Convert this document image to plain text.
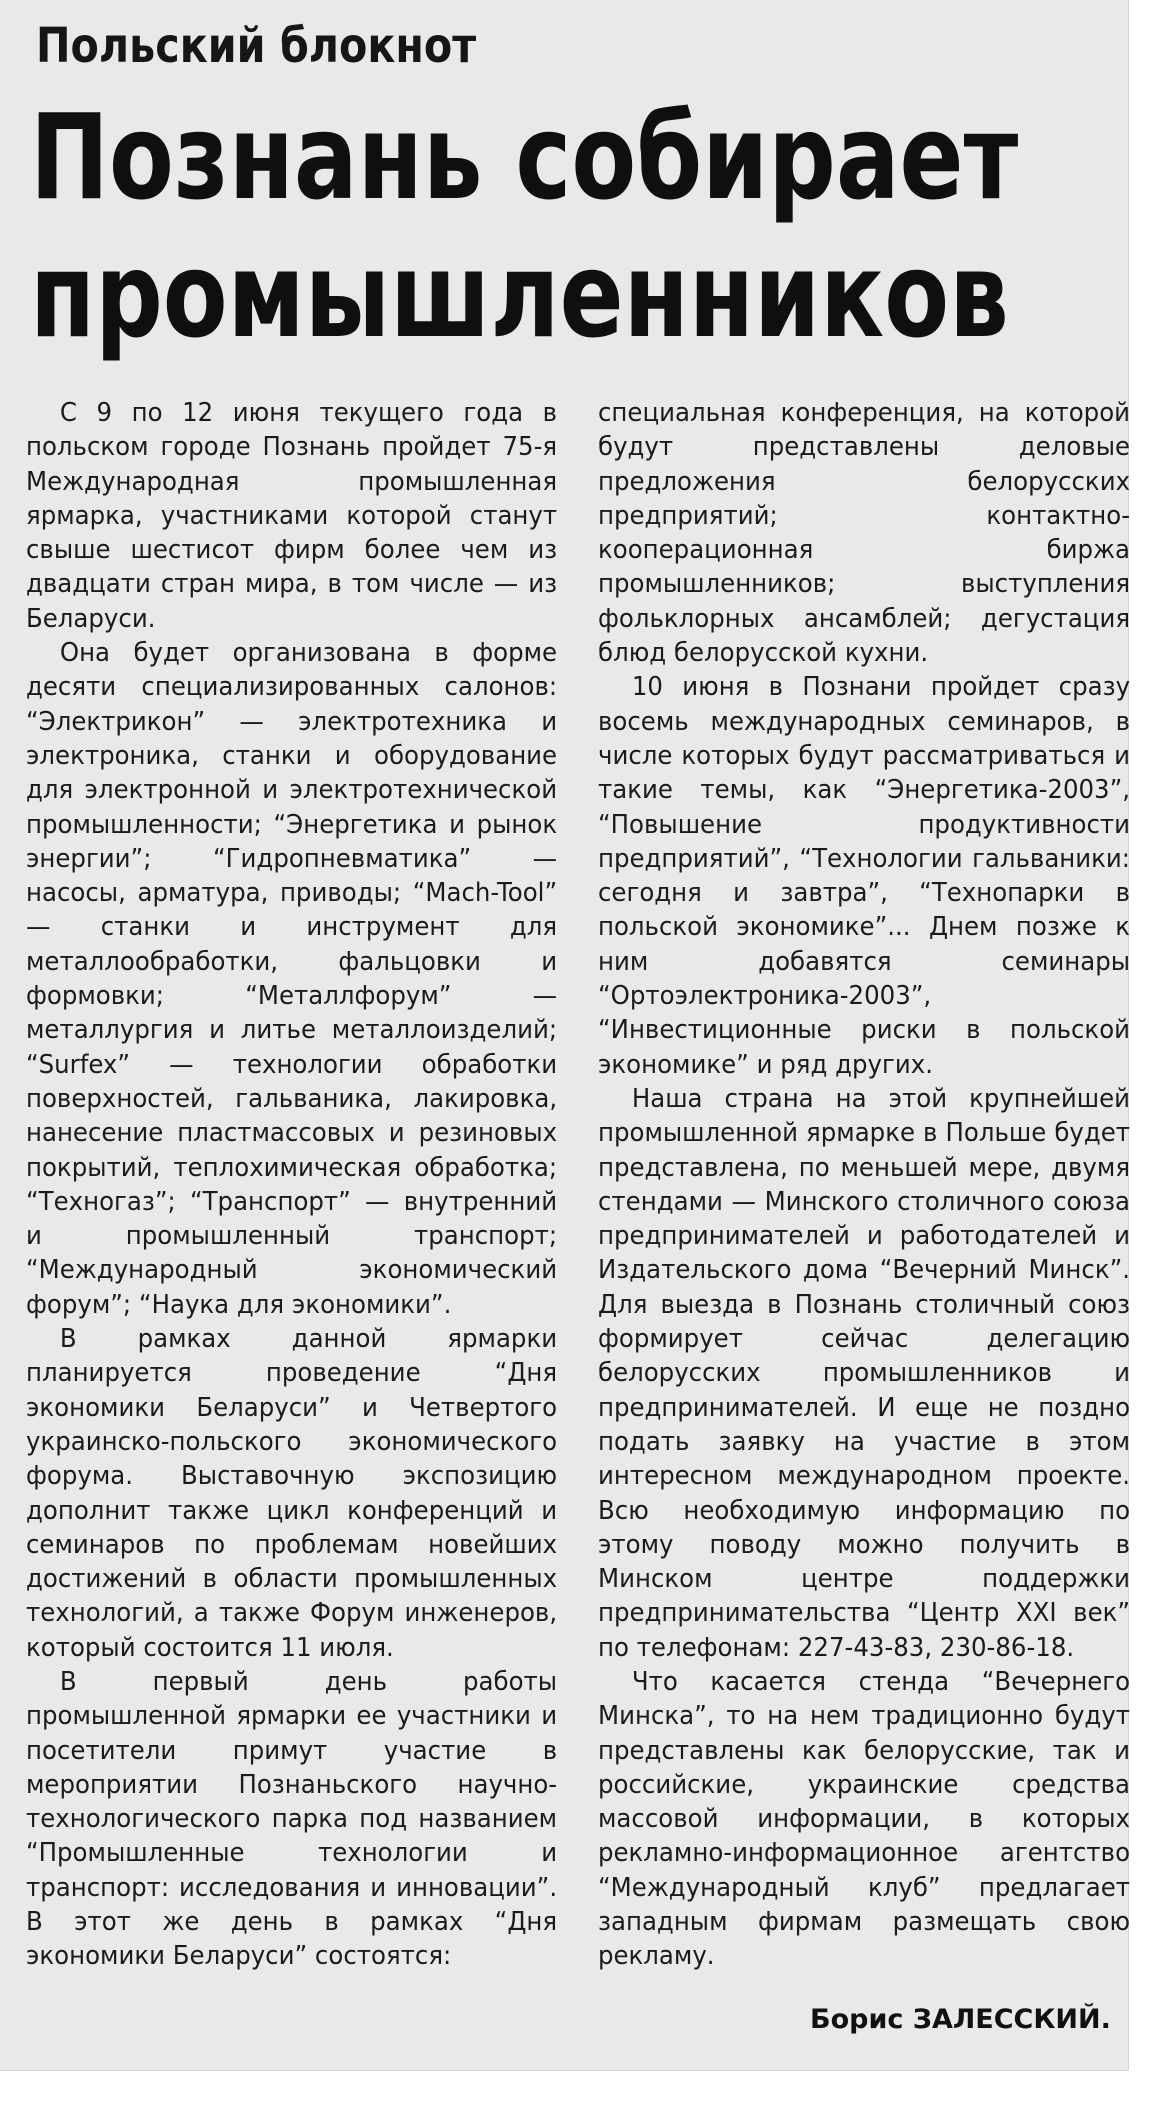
Польский блокнот
Познань собирает
промышленников

С 9 по 12 июня текущего года в польском городе Познань пройдет 75-я Международная промышленная ярмарка, участниками которой станут свыше шестисот фирм более чем из двадцати стран мира, в том числе — из Беларуси.

Она будет организована в форме десяти специализированных салонов: “Электрикон” — электротехника и электроника, станки и оборудование для электронной и электротехнической промышленности; “Энергетика и рынок энергии”; “Гидропневматика” — насосы, арматура, приводы; “Mach-Tool” — станки и инструмент для металлообработки, фальцовки и формовки; “Металлфорум” — металлургия и литье металлоизделий; “Surfex” — технологии обработки поверхностей, гальваника, лакировка, нанесение пластмассовых и резиновых покрытий, теплохимическая обработка; “Техногаз”; “Транспорт” — внутренний и промышленный транспорт; “Международный экономический форум”; “Наука для экономики”.

В рамках данной ярмарки планируется проведение “Дня экономики Беларуси” и Четвертого украинско-польского экономического форума. Выставочную экспозицию дополнит также цикл конференций и семинаров по проблемам новейших достижений в области промышленных технологий, а также Форум инженеров, который состоится 11 июля.

В первый день работы промышленной ярмарки ее участники и посетители примут участие в мероприятии Познаньского научно-технологического парка под названием “Промышленные технологии и транспорт: исследования и инновации”. В этот же день в рамках “Дня экономики Беларуси” состоятся:

специальная конференция, на которой будут представлены деловые предложения белорусских предприятий; контактно-кооперационная биржа промышленников; выступления фольклорных ансамблей; дегустация блюд белорусской кухни.

10 июня в Познани пройдет сразу восемь международных семинаров, в числе которых будут рассматриваться и такие темы, как “Энергетика-2003”, “Повышение продуктивности предприятий”, “Технологии гальваники: сегодня и завтра”, “Технопарки в польской экономике”... Днем позже к ним добавятся семинары “Ортоэлектроника-2003”, “Инвестиционные риски в польской экономике” и ряд других.

Наша страна на этой крупнейшей промышленной ярмарке в Польше будет представлена, по меньшей мере, двумя стендами — Минского столичного союза предпринимателей и работодателей и Издательского дома “Вечерний Минск”. Для выезда в Познань столичный союз формирует сейчас делегацию белорусских промышленников и предпринимателей. И еще не поздно подать заявку на участие в этом интересном международном проекте. Всю необходимую информацию по этому поводу можно получить в Минском центре поддержки предпринимательства “Центр XXI век” по телефонам: 227-43-83, 230-86-18.

Что касается стенда “Вечернего Минска”, то на нем традиционно будут представлены как белорусские, так и российские, украинские средства массовой информации, в которых рекламно-информационное агентство “Международный клуб” предлагает западным фирмам размещать свою рекламу.

Борис ЗАЛЕССКИЙ.
